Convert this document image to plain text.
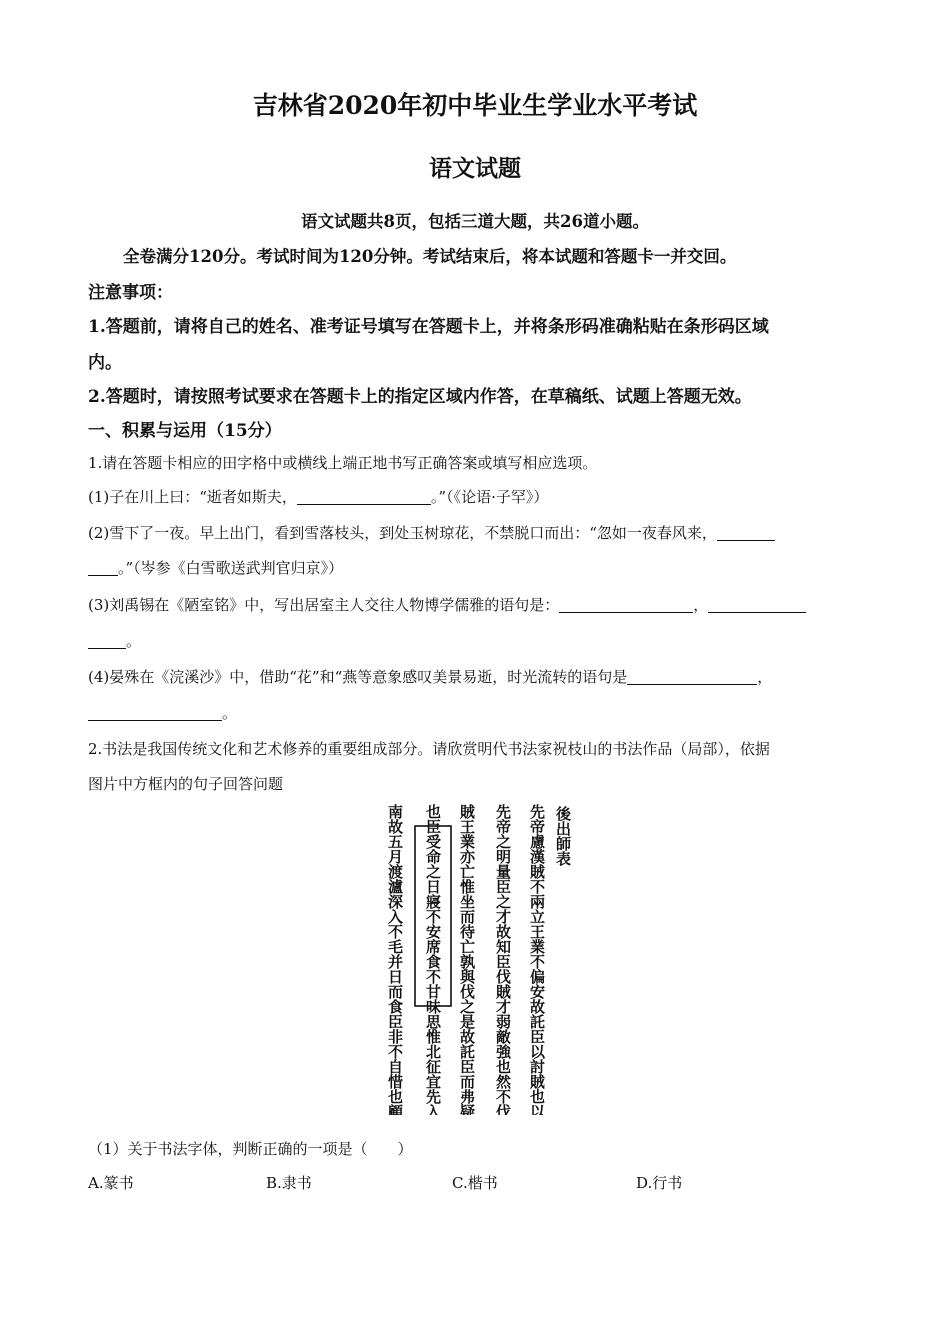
吉林省2020年初中毕业生学业水平考试
语文试题
语文试题共8页，包括三道大题，共26道小题。
全卷满分120分。考试时间为120分钟。考试结束后，将本试题和答题卡一并交回。
注意事项：
1.答题前，请将自己的姓名、准考证号填写在答题卡上，并将条形码准确粘贴在条形码区域
内。
2.答题时，请按照考试要求在答题卡上的指定区域内作答，在草稿纸、试题上答题无效。
一、积累与运用（15分）
1.请在答题卡相应的田字格中或横线上端正地书写正确答案或填写相应选项。
(1)子在川上曰：“逝者如斯夫，	。”（《论语·子罕》）
(2)雪下了一夜。早上出门，看到雪落枝头，到处玉树琼花，不禁脱口而出：“忽如一夜春风来，
。”（岑参《白雪歌送武判官归京》）
(3)刘禹锡在《陋室铭》中，写出居室主人交往人物博学儒雅的语句是：	，
。
(4)晏殊在《浣溪沙》中，借助“花”和“燕等意象感叹美景易逝，时光流转的语句是	，
。
2.书法是我国传统文化和艺术修养的重要组成部分。请欣赏明代书法家祝枝山的书法作品（局部），依据
图片中方框内的句子回答问题
後出師表
先帝慮漢賊不兩立王業不偏安故託臣以討賊也以
先帝之明量臣之才故知臣伐賊才弱敵強也然不伐
賊王業亦亡惟坐而待亡孰與伐之是故託臣而弗疑
也臣受命之日寢不安席食不甘味思惟北征宜先入
南故五月渡瀘深入不毛并日而食臣非不自惜也顧
（1）关于书法字体，判断正确的一项是（　　）
A.篆书	B.隶书	C.楷书	D.行书
